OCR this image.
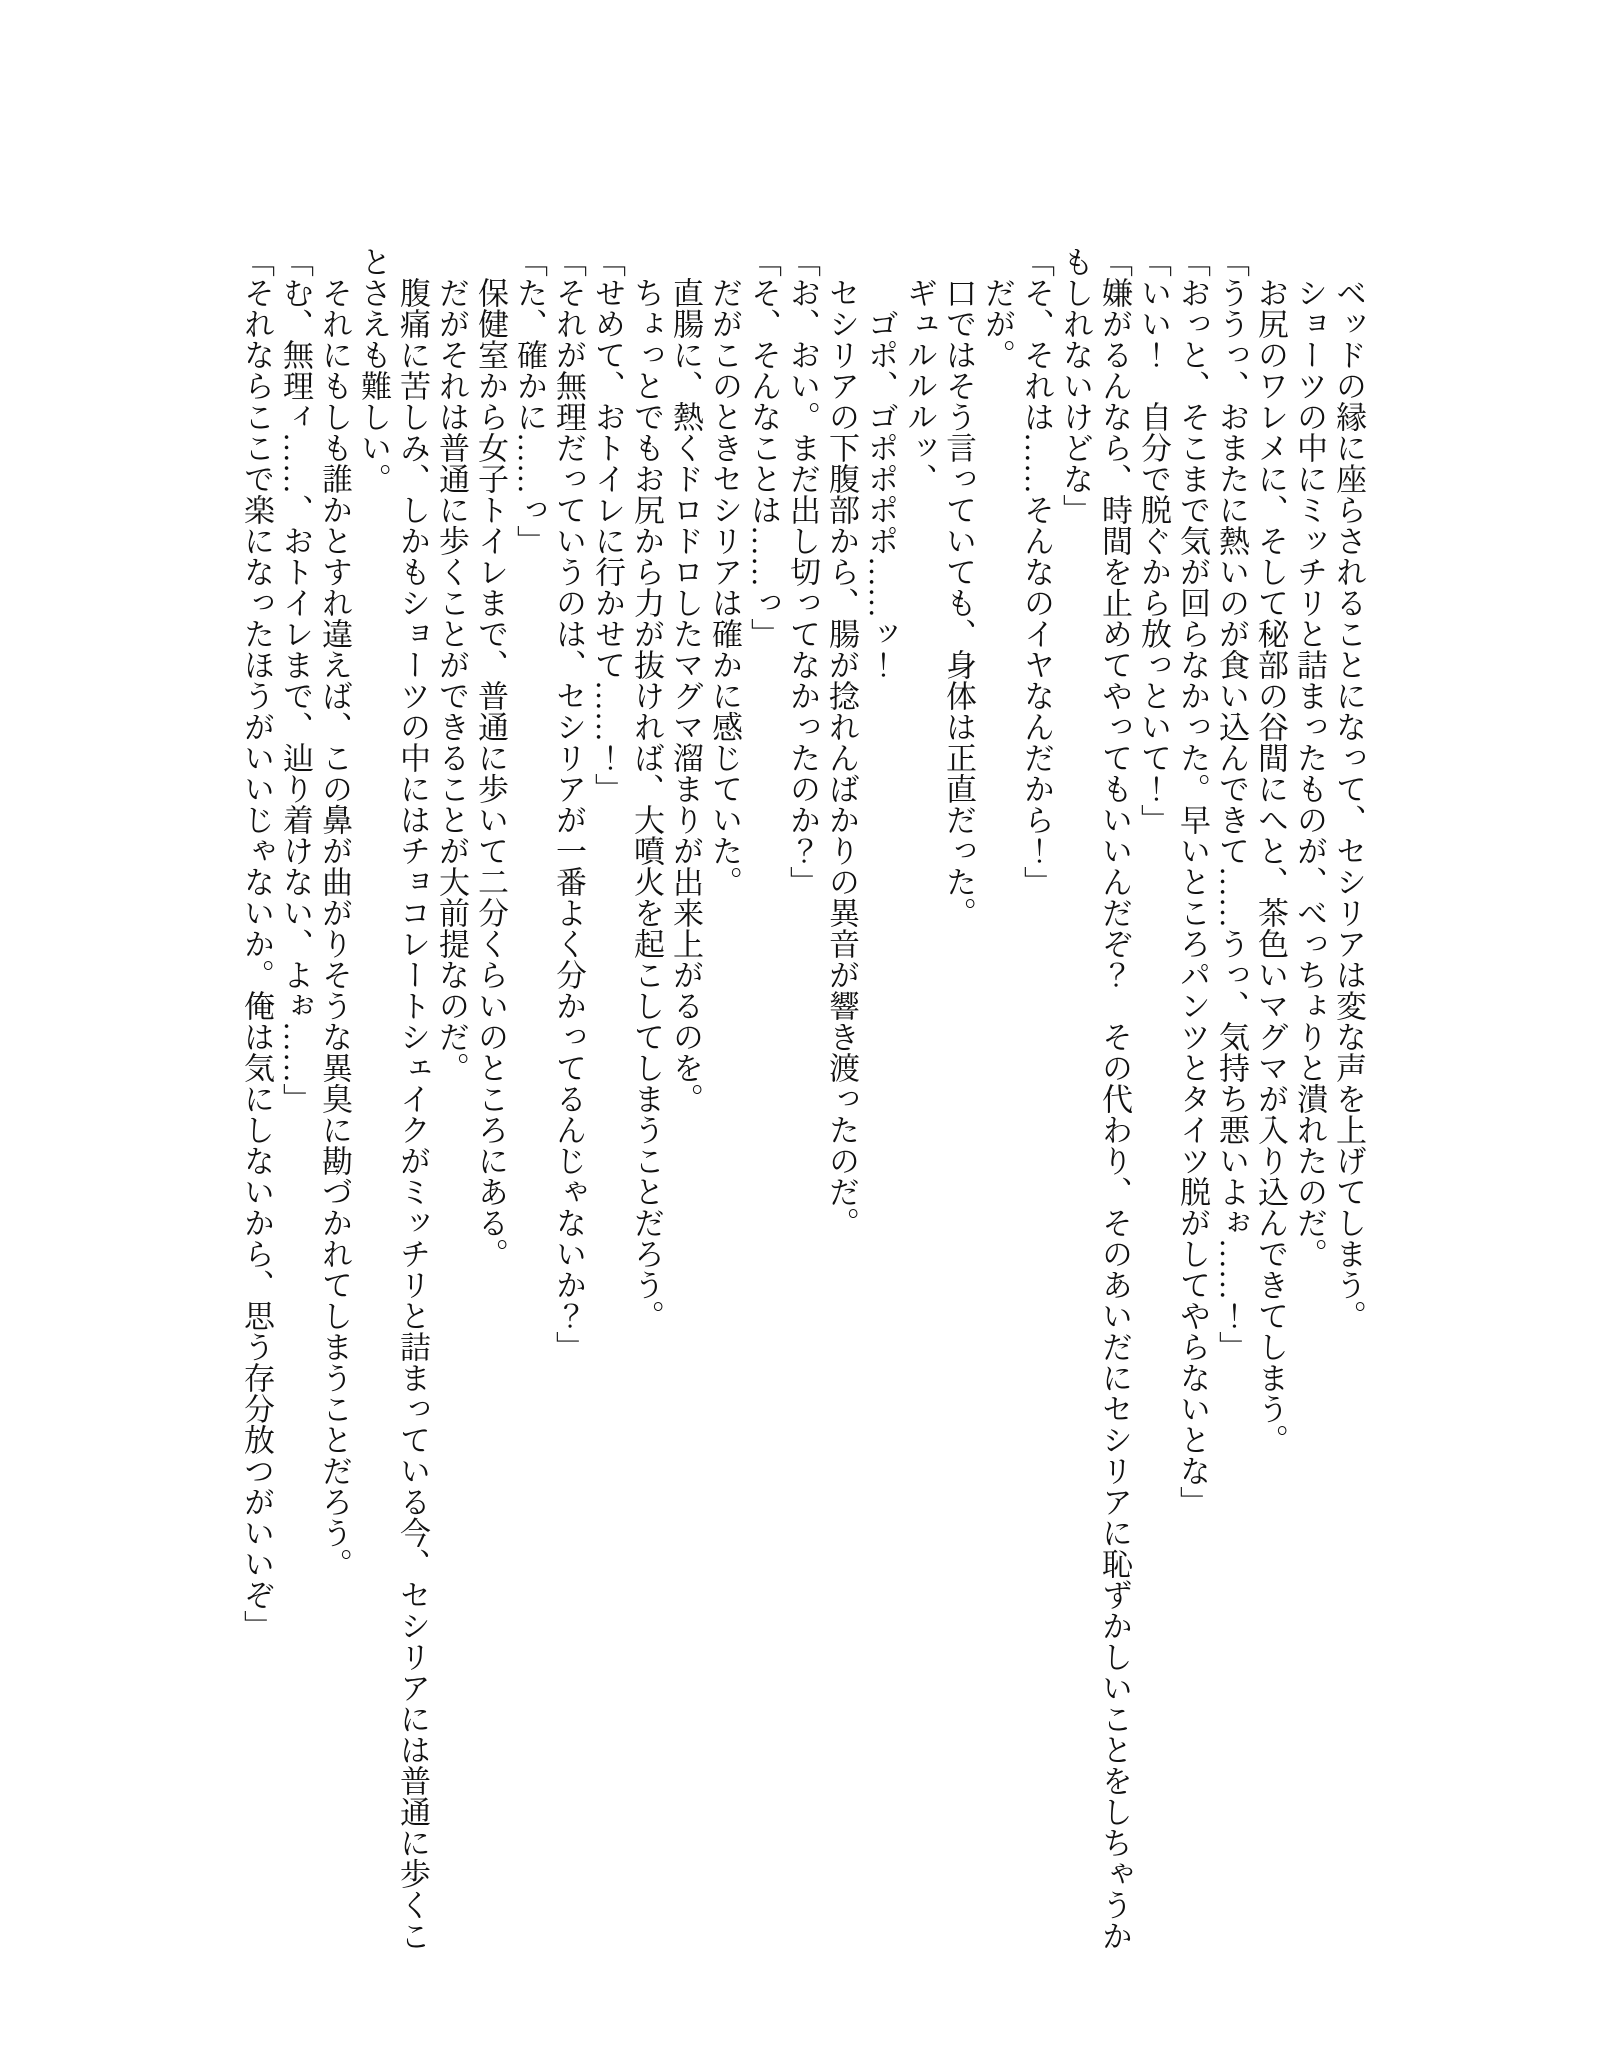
ベッドの縁に座らされることになって、セシリアは変な声を上げてしまう。

ショーツの中にミッチリと詰まったものが、べっちょりと潰れたのだ。

お尻のワレメに、そして秘部の谷間にへと、茶色いマグマが入り込んできてしまう。

「ううっ、おまたに熱いのが食い込んできて……うっ、気持ち悪いよぉ……！」

「おっと、そこまで気が回らなかった。早いところパンツとタイツ脱がしてやらないとな」

「いい！　自分で脱ぐから放っといて！」

「嫌がるんなら、時間を止めてやってもいいんだぞ？　その代わり、そのあいだにセシリアに恥ずかしいことをしちゃうかもしれないけどな」

「そ、それは……そんなのイヤなんだから！」

だが。

口ではそう言っていても、身体は正直だった。

ギュルルルッ、

ゴポ、ゴポポポポ……ッ！

セシリアの下腹部から、腸が捻れんばかりの異音が響き渡ったのだ。

「お、おい。まだ出し切ってなかったのか？」

「そ、そんなことは……っ」

だがこのときセシリアは確かに感じていた。

直腸に、熱くドロドロしたマグマ溜まりが出来上がるのを。

ちょっとでもお尻から力が抜ければ、大噴火を起こしてしまうことだろう。

「せめて、おトイレに行かせて……！」

「それが無理だっていうのは、セシリアが一番よく分かってるんじゃないか？」

「た、確かに……っ」

保健室から女子トイレまで、普通に歩いて二分くらいのところにある。

だがそれは普通に歩くことができることが大前提なのだ。

腹痛に苦しみ、しかもショーツの中にはチョコレートシェイクがミッチリと詰まっている今、セシリアには普通に歩くことさえも難しい。

それにもしも誰かとすれ違えば、この鼻が曲がりそうな異臭に勘づかれてしまうことだろう。

「む、無理ィ……、おトイレまで、辿り着けない、よぉ……」

「それならここで楽になったほうがいいじゃないか。俺は気にしないから、思う存分放つがいいぞ」
